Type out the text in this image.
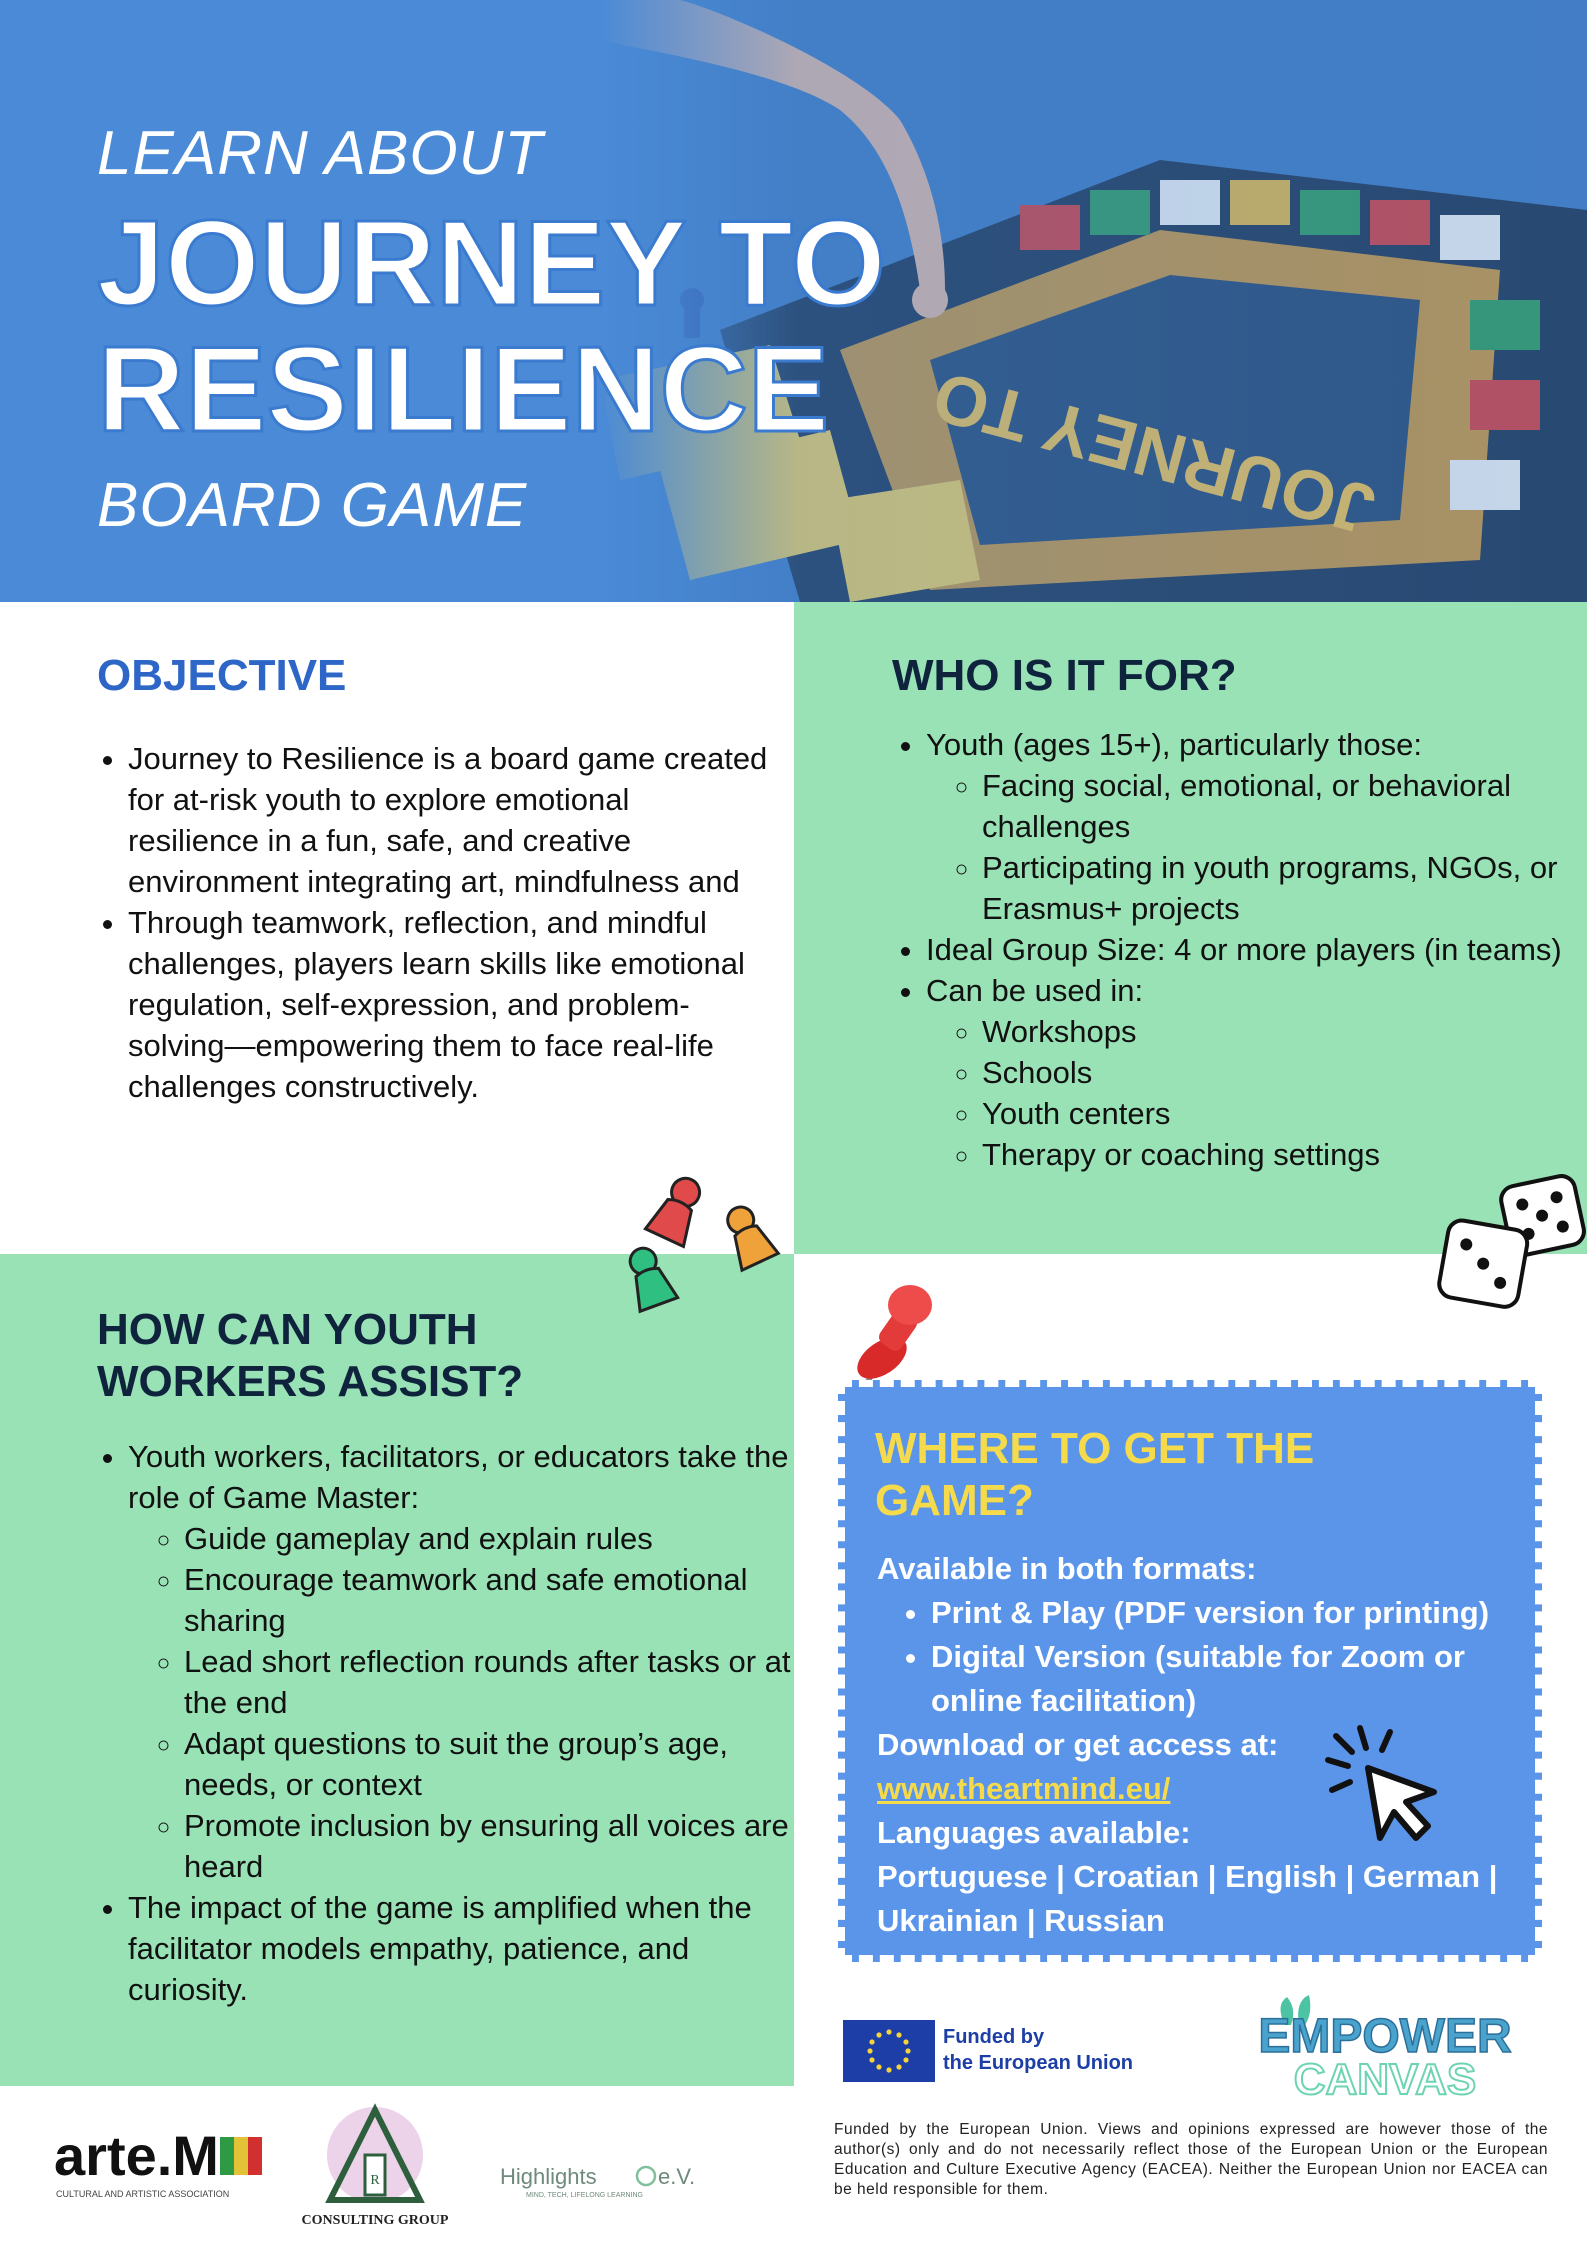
LEARN ABOUT
JOURNEY TO
RESILIENCE
BOARD GAME
OBJECTIVE
• Journey to Resilience is a board game created for at-risk youth to explore emotional resilience in a fun, safe, and creative environment integrating art, mindfulness and
• Through teamwork, reflection, and mindful challenges, players learn skills like emotional regulation, self-expression, and problem-solving—empowering them to face real-life challenges constructively.
WHO IS IT FOR?
• Youth (ages 15+), particularly those:
◦ Facing social, emotional, or behavioral challenges
◦ Participating in youth programs, NGOs, or Erasmus+ projects
• Ideal Group Size: 4 or more players (in teams)
• Can be used in:
◦ Workshops
◦ Schools
◦ Youth centers
◦ Therapy or coaching settings
HOW CAN YOUTH
WORKERS ASSIST?
• Youth workers, facilitators, or educators take the role of Game Master:
◦ Guide gameplay and explain rules
◦ Encourage teamwork and safe emotional sharing
◦ Lead short reflection rounds after tasks or at the end
◦ Adapt questions to suit the group’s age, needs, or context
◦ Promote inclusion by ensuring all voices are heard
• The impact of the game is amplified when the facilitator models empathy, patience, and curiosity.
WHERE TO GET THE
GAME?

Available in both formats:

• Print & Play (PDF version for printing)
• Digital Version (suitable for Zoom or online facilitation)

Download or get access at:

www.theartmind.eu/

Languages available:

Portuguese | Croatian | English | German | Ukrainian | Russian

Funded by
the European Union	EMPOWER
CANVAS
Funded by the European Union. Views and opinions expressed are however those of the author(s) only and do not necessarily reflect those of the European Union or the European Education and Culture Executive Agency (EACEA). Neither the European Union nor EACEA can be held responsible for them.
arte.M
CULTURAL AND ARTISTIC ASSOCIATION
R
CONSULTING GROUP
Highlights	e.V.
MIND, TECH, LIFELONG LEARNING
